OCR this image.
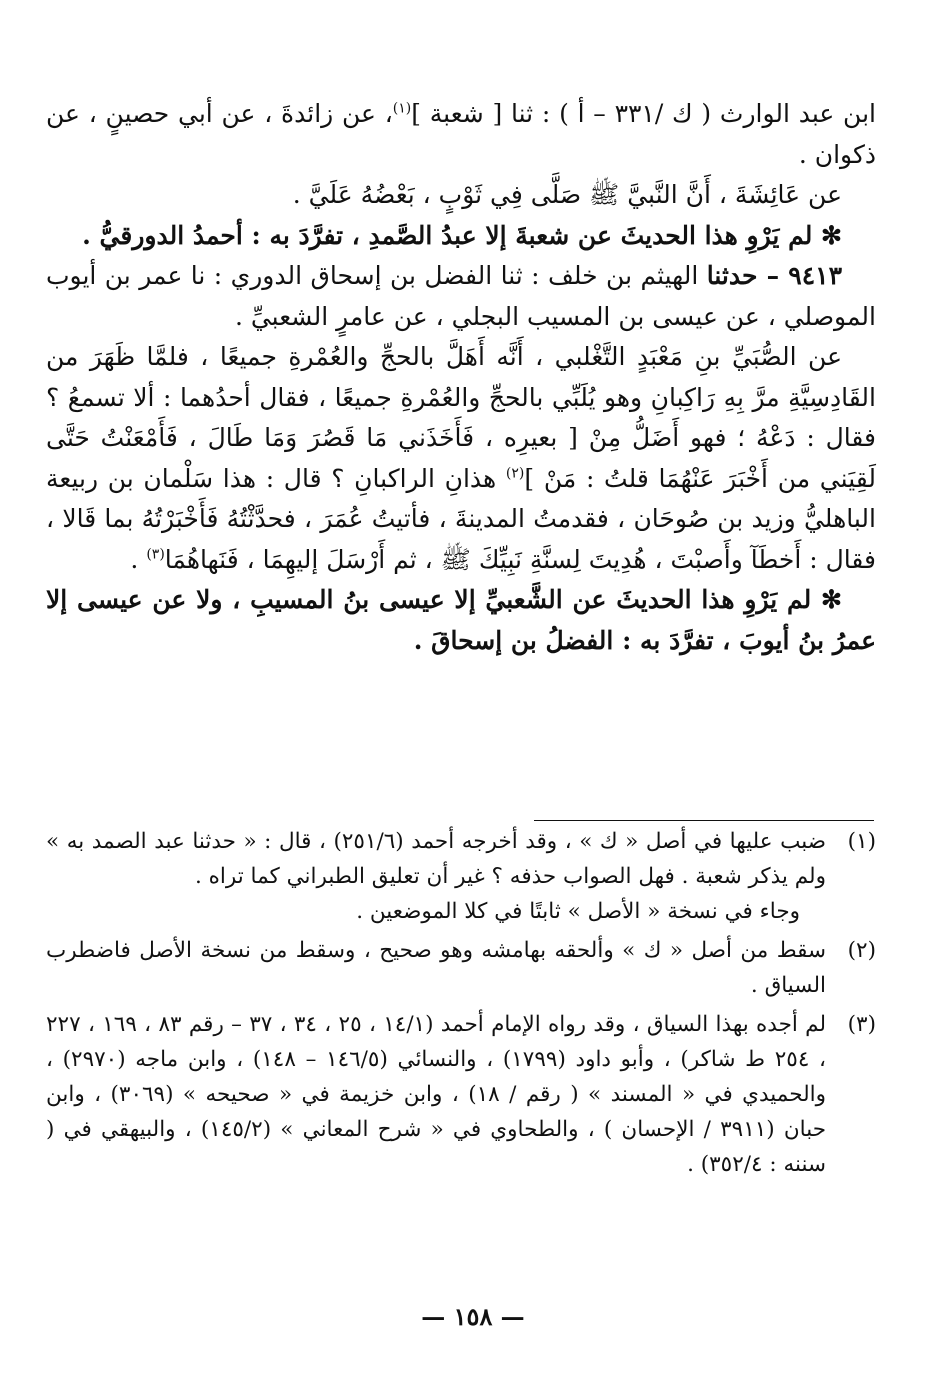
ابن عبد الوارث ( ك /٣٣١ – أ ) : ثنا [ شعبة ]$^{(١)}$، عن زائدةَ ، عن أبي حصينٍ ، عن ذكوان .

عن عَائِشَةَ ، أَنَّ النَّبيَّ ﷺ صَلَّى فِي ثَوْبٍ ، بَعْضُهُ عَلَيَّ .

✻ لم يَرْوِ هذا الحديثَ عن شعبةَ إلا عبدُ الصَّمدِ ، تفرَّدَ به : أحمدُ الدورقيُّ .

٩٤١٣ – حدثنا الهيثم بن خلف : ثنا الفضل بن إسحاق الدوري : نا عمر بن أيوب الموصلي ، عن عيسى بن المسيب البجلي ، عن عامرٍ الشعبيِّ .

عن الصُّبَيِّ بنِ مَعْبَدٍ التَّغْلبي ، أَنَّه أَهَلَّ بالحجِّ والعُمْرةِ جميعًا ، فلمَّا ظَهَرَ من القَادِسِيَّةِ مرَّ بِهِ رَاكِبانِ وهو يُلَبِّي بالحجِّ والعُمْرةِ جميعًا ، فقال أحدُهما : ألا تسمعُ ؟ فقال : دَعْهُ ؛ فهو أَضَلُّ مِنْ [ بعيرِه ، فَأَخَذَني مَا قَصُرَ وَمَا طَالَ ، فَأَمْعَنْتُ حَتَّى لَقِيَني من أَخْبَرَ عَنْهُمَا قلتُ : مَنْ ]$^{(٢)}$ هذانِ الراكبانِ ؟ قال : هذا سَلْمان بن ربيعة الباهليُّ وزيد بن صُوحَان ، فقدمتُ المدينةَ ، فأتيتُ عُمَرَ ، فحدَّثْتُهُ فَأَخْبَرْتُهُ بما قَالا ، فقال : أَخطَآ وأَصبْتَ ، هُدِيتَ لِسنَّةِ نَبِيِّكَ ﷺ ، ثم أَرْسَلَ إليهِمَا ، فَنَهاهُمَا$^{(٣)}$ .

✻ لم يَرْوِ هذا الحديثَ عن الشَّعبيِّ إلا عيسى بنُ المسيبِ ، ولا عن عيسى إلا عمرُ بنُ أيوبَ ، تفرَّدَ به : الفضلُ بن إسحاقَ .

(١)

ضبب عليها في أصل « ك » ، وقد أخرجه أحمد (٢٥١/٦) ، قال : « حدثنا عبد الصمد به » ولم يذكر شعبة . فهل الصواب حذفه ؟ غير أن تعليق الطبراني كما تراه .

وجاء في نسخة « الأصل » ثابتًا في كلا الموضعين .

(٢)

سقط من أصل « ك » وألحقه بهامشه وهو صحيح ، وسقط من نسخة الأصل فاضطرب السياق .

(٣)

لم أجده بهذا السياق ، وقد رواه الإمام أحمد (١٤/١ ، ٢٥ ، ٣٤ ، ٣٧ – رقم ٨٣ ، ١٦٩ ، ٢٢٧ ، ٢٥٤ ط شاكر) ، وأبو داود (١٧٩٩) ، والنسائي (١٤٦/٥ – ١٤٨) ، وابن ماجه (٢٩٧٠) ، والحميدي في « المسند » ( رقم / ١٨) ، وابن خزيمة في « صحيحه » (٣٠٦٩) ، وابن حبان (٣٩١١ / الإحسان ) ، والطحاوي في « شرح المعاني » (١٤٥/٢) ، والبيهقي في ( سننه : ٣٥٢/٤) .

— ١٥٨ —
